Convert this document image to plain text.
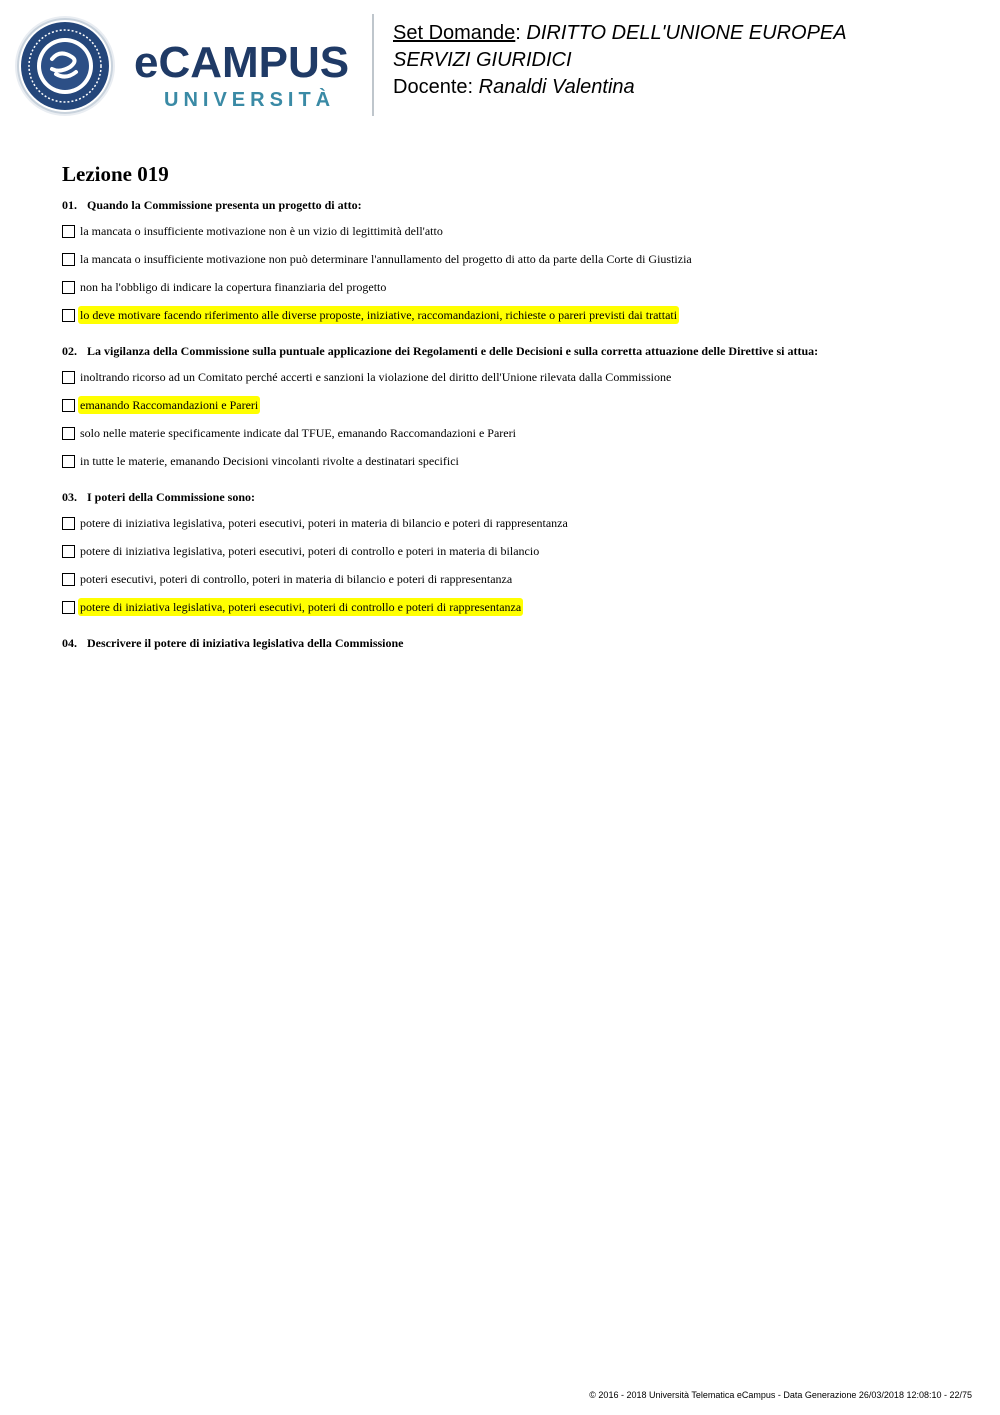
eCAMPUS
UNIVERSITÀ
Set Domande: DIRITTO DELL'UNIONE EUROPEA
SERVIZI GIURIDICI
Docente: Ranaldi Valentina
Lezione 019
01. Quando la Commissione presenta un progetto di atto:
la mancata o insufficiente motivazione non è un vizio di legittimità dell'atto
la mancata o insufficiente motivazione non può determinare l'annullamento del progetto di atto da parte della Corte di Giustizia
non ha l'obbligo di indicare la copertura finanziaria del progetto
lo deve motivare facendo riferimento alle diverse proposte, iniziative, raccomandazioni, richieste o pareri previsti dai trattati
02. La vigilanza della Commissione sulla puntuale applicazione dei Regolamenti e delle Decisioni e sulla corretta attuazione delle Direttive si attua:
inoltrando ricorso ad un Comitato perché accerti e sanzioni la violazione del diritto dell'Unione rilevata dalla Commissione
emanando Raccomandazioni e Pareri
solo nelle materie specificamente indicate dal TFUE, emanando Raccomandazioni e Pareri
in tutte le materie, emanando Decisioni vincolanti rivolte a destinatari specifici
03. I poteri della Commissione sono:
potere di iniziativa legislativa, poteri esecutivi, poteri in materia di bilancio e poteri di rappresentanza
potere di iniziativa legislativa, poteri esecutivi, poteri di controllo e poteri in materia di bilancio
poteri esecutivi, poteri di controllo, poteri in materia di bilancio e poteri di rappresentanza
potere di iniziativa legislativa, poteri esecutivi, poteri di controllo e poteri di rappresentanza
04. Descrivere il potere di iniziativa legislativa della Commissione
© 2016 - 2018 Università Telematica eCampus - Data Generazione 26/03/2018 12:08:10 - 22/75
